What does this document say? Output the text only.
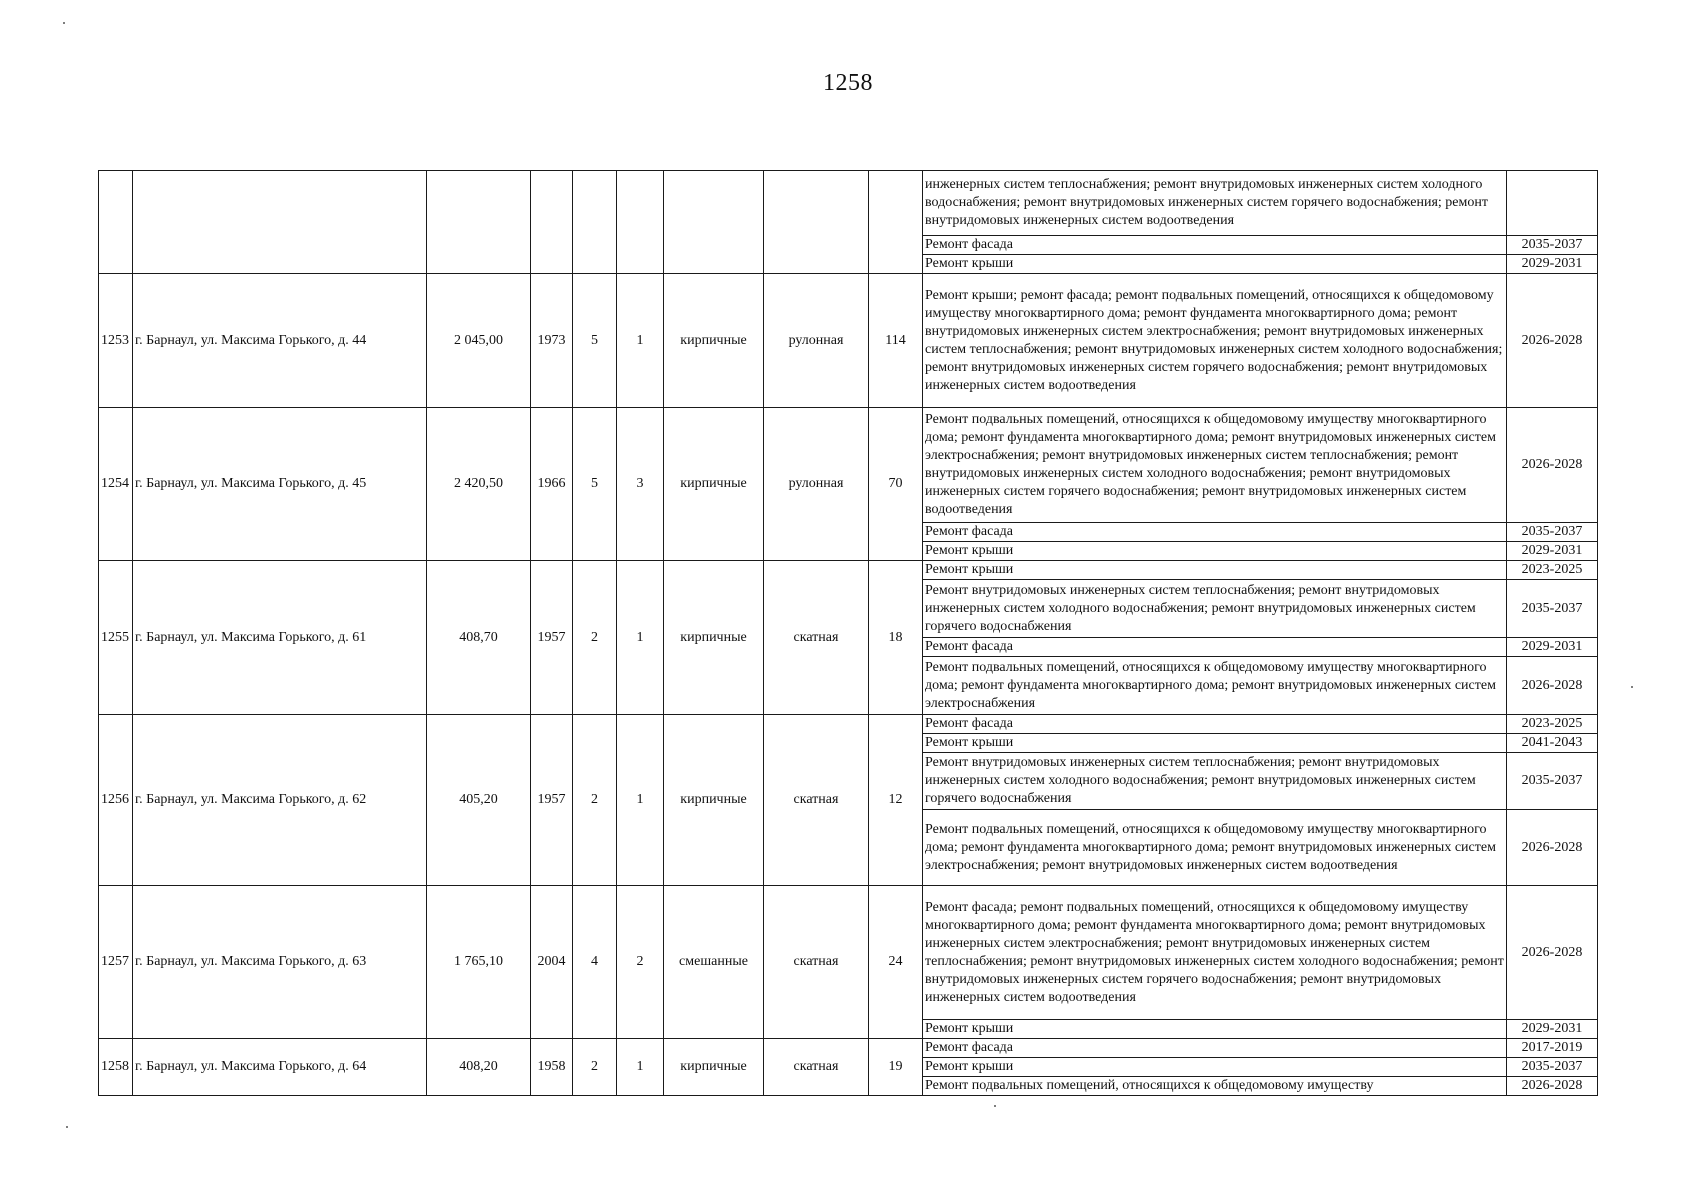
1258
									инженерных систем теплоснабжения; ремонт внутридомовых инженерных систем холодного водоснабжения; ремонт внутридомовых инженерных систем горячего водоснабжения; ремонт внутридомовых инженерных систем водоотведения	
									Ремонт фасада	2035-2037
									Ремонт крыши	2029-2031
1253	г. Барнаул, ул. Максима Горького, д. 44	2 045,00	1973	5	1	кирпичные	рулонная	114	Ремонт крыши; ремонт фасада; ремонт подвальных помещений, относящихся к общедомовому имуществу многоквартирного дома; ремонт фундамента многоквартирного дома; ремонт внутридомовых инженерных систем электроснабжения; ремонт внутридомовых инженерных систем теплоснабжения; ремонт внутридомовых инженерных систем холодного водоснабжения; ремонт внутридомовых инженерных систем горячего водоснабжения; ремонт внутридомовых инженерных систем водоотведения	2026-2028
1254	г. Барнаул, ул. Максима Горького, д. 45	2 420,50	1966	5	3	кирпичные	рулонная	70	Ремонт подвальных помещений, относящихся к общедомовому имуществу многоквартирного дома; ремонт фундамента многоквартирного дома; ремонт внутридомовых инженерных систем электроснабжения; ремонт внутридомовых инженерных систем теплоснабжения; ремонт внутридомовых инженерных систем холодного водоснабжения; ремонт внутридомовых инженерных систем горячего водоснабжения; ремонт внутридомовых инженерных систем водоотведения	2026-2028
									Ремонт фасада	2035-2037
									Ремонт крыши	2029-2031
1255	г. Барнаул, ул. Максима Горького, д. 61	408,70	1957	2	1	кирпичные	скатная	18	Ремонт крыши	2023-2025
									Ремонт внутридомовых инженерных систем теплоснабжения; ремонт внутридомовых инженерных систем холодного водоснабжения; ремонт внутридомовых инженерных систем горячего водоснабжения	2035-2037
									Ремонт фасада	2029-2031
									Ремонт подвальных помещений, относящихся к общедомовому имуществу многоквартирного дома; ремонт фундамента многоквартирного дома; ремонт внутридомовых инженерных систем электроснабжения	2026-2028
1256	г. Барнаул, ул. Максима Горького, д. 62	405,20	1957	2	1	кирпичные	скатная	12	Ремонт фасада	2023-2025
									Ремонт крыши	2041-2043
									Ремонт внутридомовых инженерных систем теплоснабжения; ремонт внутридомовых инженерных систем холодного водоснабжения; ремонт внутридомовых инженерных систем горячего водоснабжения	2035-2037
									Ремонт подвальных помещений, относящихся к общедомовому имуществу многоквартирного дома; ремонт фундамента многоквартирного дома; ремонт внутридомовых инженерных систем электроснабжения; ремонт внутридомовых инженерных систем водоотведения	2026-2028
1257	г. Барнаул, ул. Максима Горького, д. 63	1 765,10	2004	4	2	смешанные	скатная	24	Ремонт фасада; ремонт подвальных помещений, относящихся к общедомовому имуществу многоквартирного дома; ремонт фундамента многоквартирного дома; ремонт внутридомовых инженерных систем электроснабжения; ремонт внутридомовых инженерных систем теплоснабжения; ремонт внутридомовых инженерных систем холодного водоснабжения; ремонт внутридомовых инженерных систем горячего водоснабжения; ремонт внутридомовых инженерных систем водоотведения	2026-2028
									Ремонт крыши	2029-2031
1258	г. Барнаул, ул. Максима Горького, д. 64	408,20	1958	2	1	кирпичные	скатная	19	Ремонт фасада	2017-2019
									Ремонт крыши	2035-2037
									Ремонт подвальных помещений, относящихся к общедомовому имуществу	2026-2028
